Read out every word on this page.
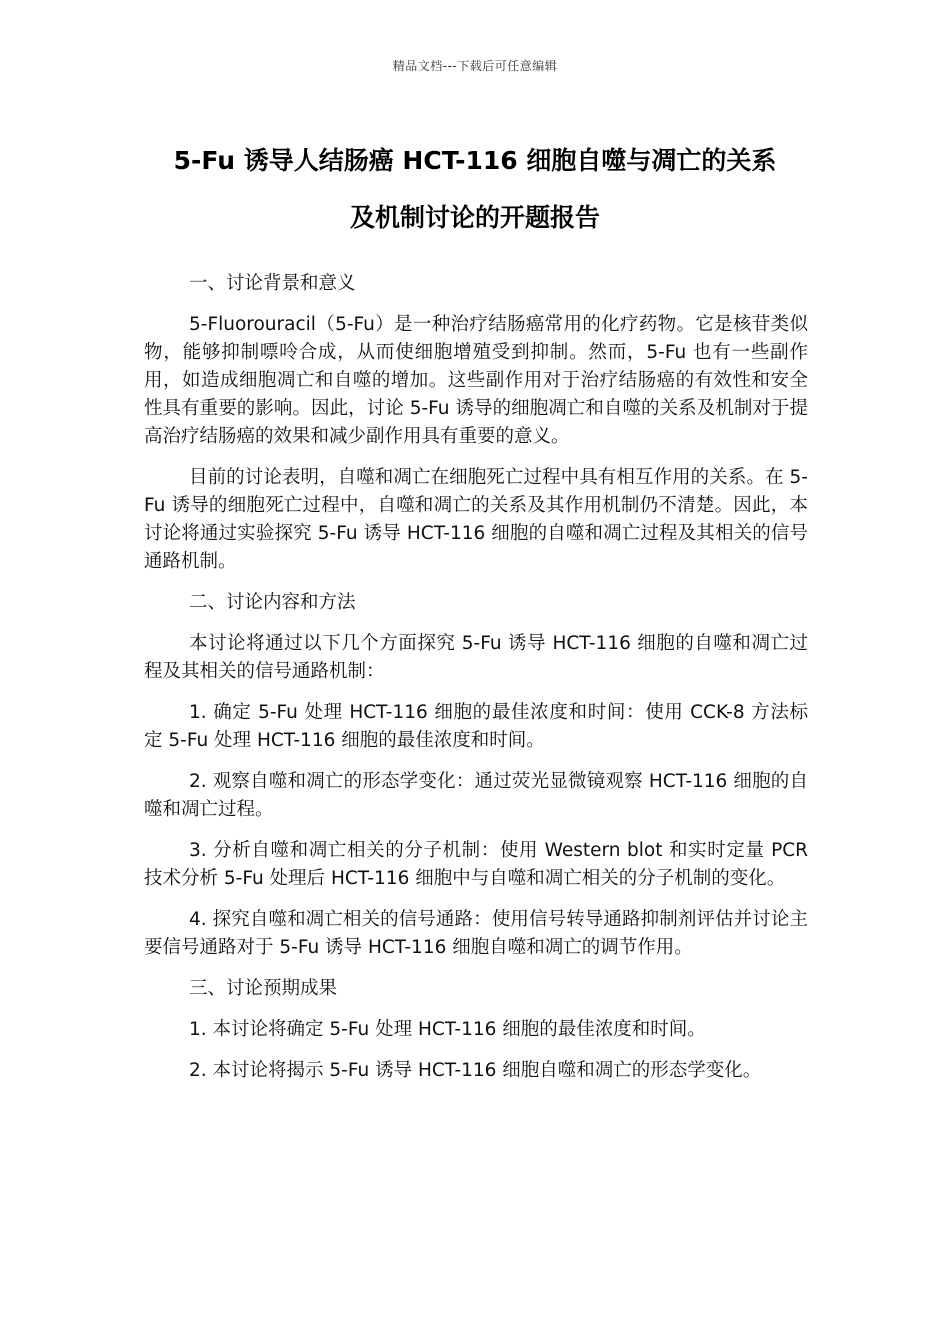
精品文档---下载后可任意编辑
5-Fu 诱导人结肠癌 HCT-116 细胞自噬与凋亡的关系
及机制讨论的开题报告

一、讨论背景和意义

5-Fluorouracil（5-Fu）是一种治疗结肠癌常用的化疗药物。它是核苷类似物，能够抑制嘌呤合成，从而使细胞增殖受到抑制。然而，5-Fu 也有一些副作用，如造成细胞凋亡和自噬的增加。这些副作用对于治疗结肠癌的有效性和安全性具有重要的影响。因此，讨论 5-Fu 诱导的细胞凋亡和自噬的关系及机制对于提高治疗结肠癌的效果和减少副作用具有重要的意义。

目前的讨论表明，自噬和凋亡在细胞死亡过程中具有相互作用的关系。在 5-Fu 诱导的细胞死亡过程中，自噬和凋亡的关系及其作用机制仍不清楚。因此，本讨论将通过实验探究 5-Fu 诱导 HCT-116 细胞的自噬和凋亡过程及其相关的信号通路机制。

二、讨论内容和方法

本讨论将通过以下几个方面探究 5-Fu 诱导 HCT-116 细胞的自噬和凋亡过程及其相关的信号通路机制：

1. 确定 5-Fu 处理 HCT-116 细胞的最佳浓度和时间：使用 CCK-8 方法标定 5-Fu 处理 HCT-116 细胞的最佳浓度和时间。

2. 观察自噬和凋亡的形态学变化：通过荧光显微镜观察 HCT-116 细胞的自噬和凋亡过程。

3. 分析自噬和凋亡相关的分子机制：使用 Western blot 和实时定量 PCR 技术分析 5-Fu 处理后 HCT-116 细胞中与自噬和凋亡相关的分子机制的变化。

4. 探究自噬和凋亡相关的信号通路：使用信号转导通路抑制剂评估并讨论主要信号通路对于 5-Fu 诱导 HCT-116 细胞自噬和凋亡的调节作用。

三、讨论预期成果

1. 本讨论将确定 5-Fu 处理 HCT-116 细胞的最佳浓度和时间。

2. 本讨论将揭示 5-Fu 诱导 HCT-116 细胞自噬和凋亡的形态学变化。
